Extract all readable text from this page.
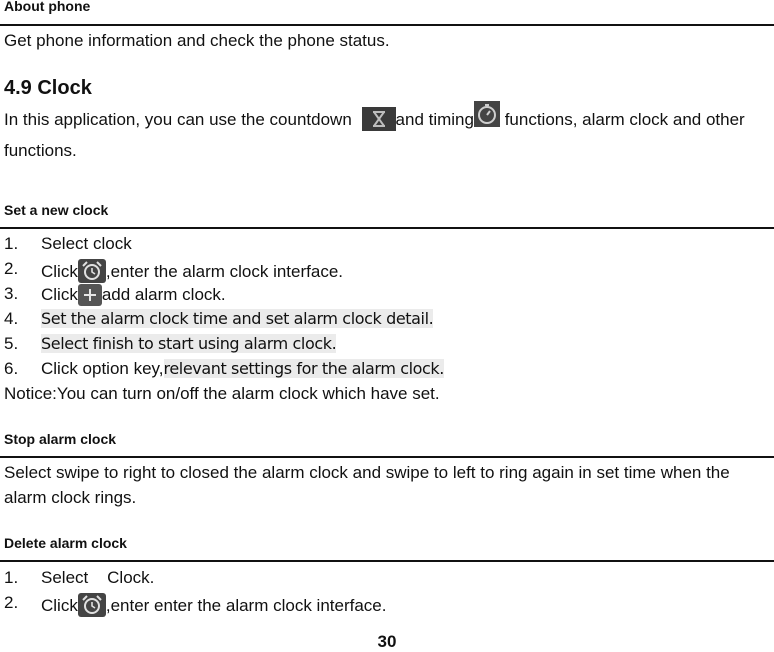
About phone
Get phone information and check the phone status.
4.9 Clock
In this application, you can use the countdown	and timing functions, alarm clock and other functions.
Set a new clock
1. Select clock
2. Click ,enter the alarm clock interface.
3. Click add alarm clock.
4. Set the alarm clock time and set alarm clock detail.
5. Select finish to start using alarm clock.
6. Click option key,relevant settings for the alarm clock.
Notice:You can turn on/off the alarm clock which have set.
Stop alarm clock
Select swipe to right to closed the alarm clock and swipe to left to ring again in set time when the alarm clock rings.
Delete alarm clock
1. Select    Clock.
2. Click ,enter enter the alarm clock interface.
30
